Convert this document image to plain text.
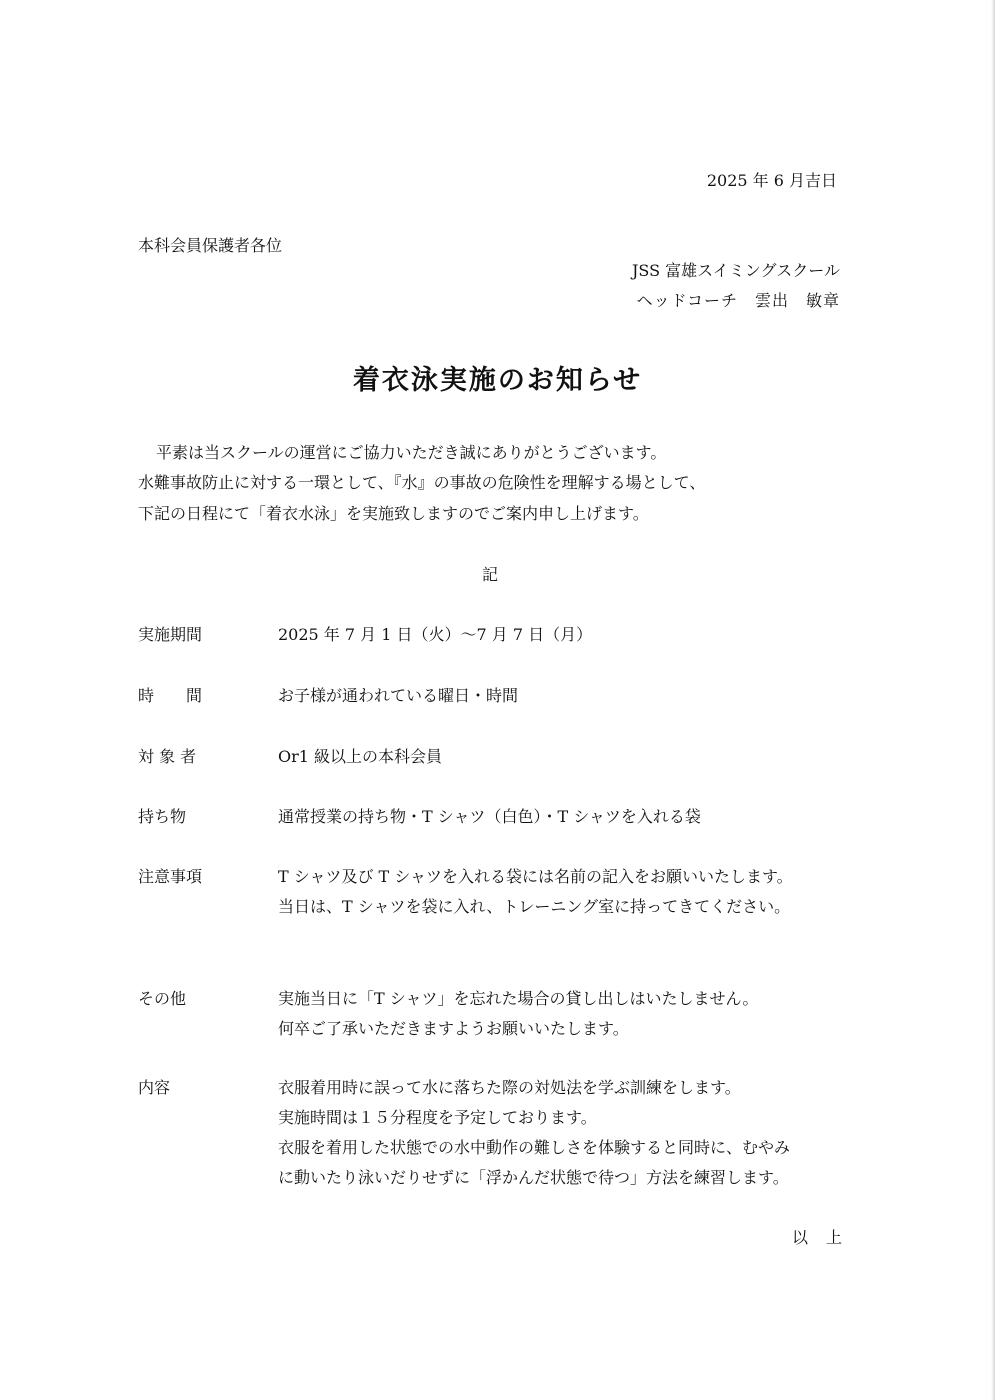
2025 年 6 月吉日
本科会員保護者各位
JSS 富雄スイミングスクール
ヘッドコーチ　雲出　敏章
着衣泳実施のお知らせ
平素は当スクールの運営にご協力いただき誠にありがとうございます。
水難事故防止に対する一環として、『水』の事故の危険性を理解する場として、
下記の日程にて「着衣水泳」を実施致しますのでご案内申し上げます。
記
実施期間	2025 年 7 月 1 日（火）〜7 月 7 日（月）
時　　間	お子様が通われている曜日・時間
対 象 者	Or1 級以上の本科会員
持ち物	通常授業の持ち物・T シャツ（白色）・T シャツを入れる袋
注意事項	T シャツ及び T シャツを入れる袋には名前の記入をお願いいたします。
当日は、T シャツを袋に入れ、トレーニング室に持ってきてください。
その他	実施当日に「T シャツ」を忘れた場合の貸し出しはいたしません。
何卒ご了承いただきますようお願いいたします。
内容	衣服着用時に誤って水に落ちた際の対処法を学ぶ訓練をします。
実施時間は１５分程度を予定しております。
衣服を着用した状態での水中動作の難しさを体験すると同時に、むやみ
に動いたり泳いだりせずに「浮かんだ状態で待つ」方法を練習します。
以　上
